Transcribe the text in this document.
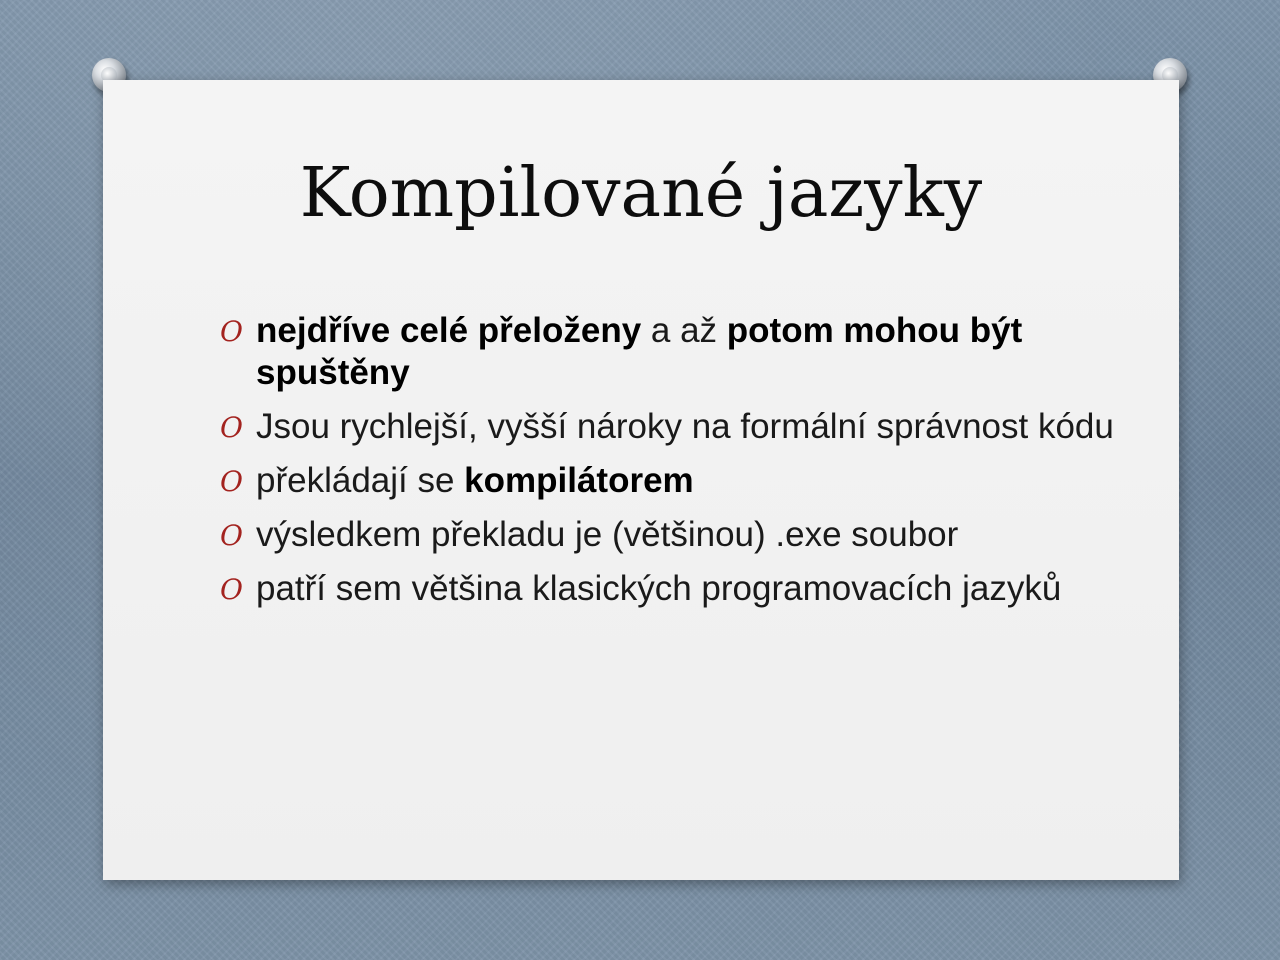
Kompilované jazyky
O nejdříve celé přeloženy a až potom mohou být spuštěny
O Jsou rychlejší, vyšší nároky na formální správnost kódu
O překládají se kompilátorem
O výsledkem překladu je (většinou) .exe soubor
O patří sem většina klasických programovacích jazyků
